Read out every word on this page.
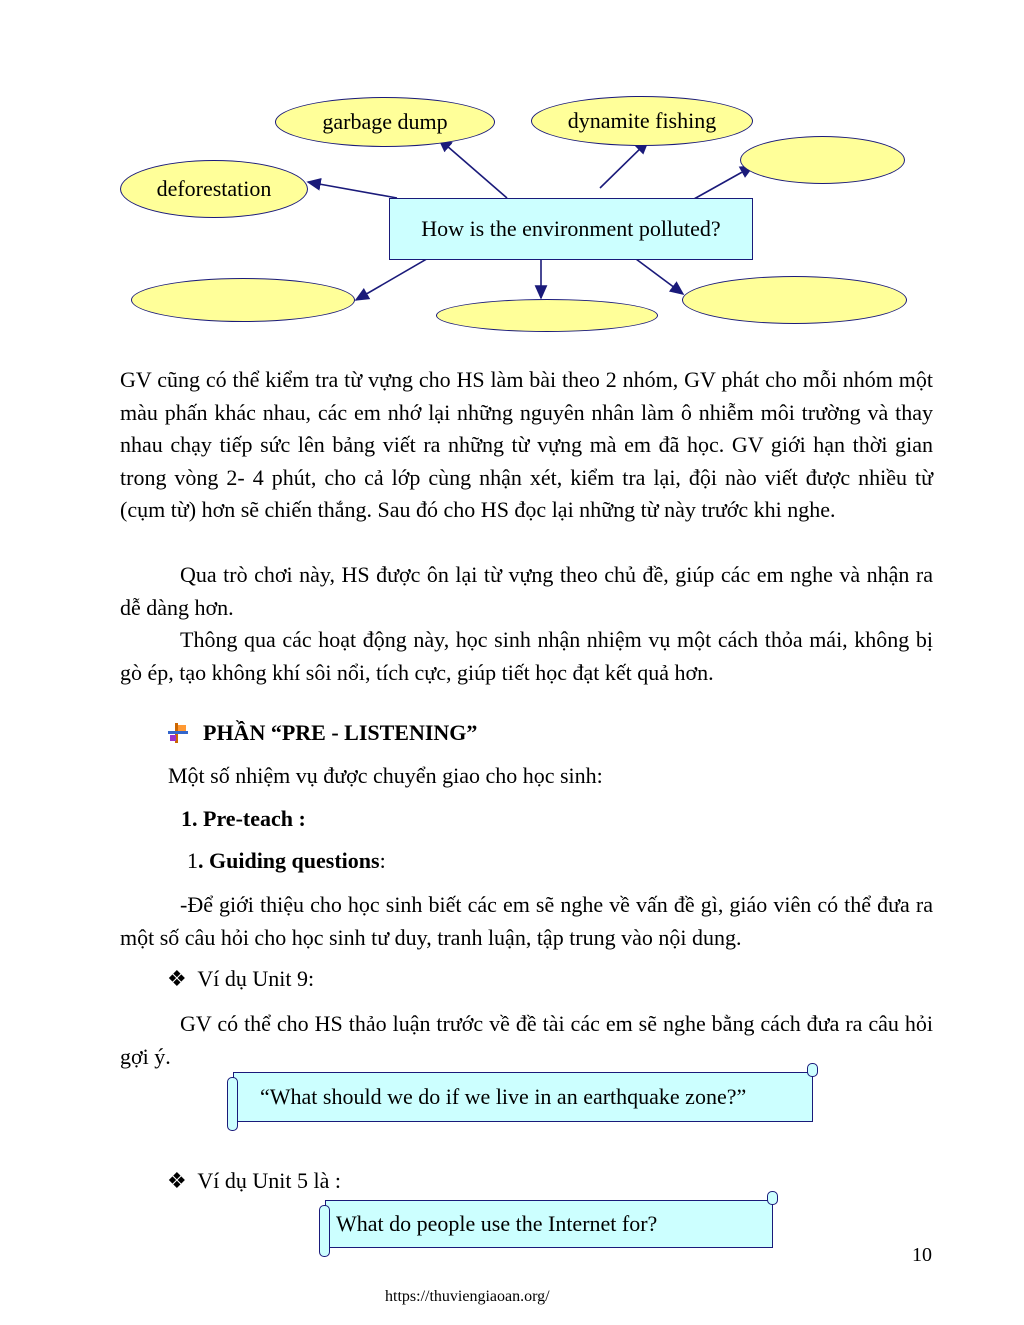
garbage dump	dynamite fishing
deforestation
How is the environment polluted?

GV cũng có thể kiểm tra từ vựng cho HS làm bài theo 2 nhóm, GV phát cho mỗi nhóm một màu phấn khác nhau, các em nhớ lại những nguyên nhân làm ô nhiễm môi trường và thay nhau chạy tiếp sức lên bảng viết ra những từ vựng mà em đã học. GV giới hạn thời gian trong vòng 2- 4 phút, cho cả lớp cùng nhận xét, kiểm tra lại, đội nào viết được nhiều từ (cụm từ) hơn sẽ chiến thắng. Sau đó cho HS đọc lại những từ này trước khi nghe.

Qua trò chơi này, HS được ôn lại từ vựng theo chủ đề, giúp các em nghe và nhận ra dễ dàng hơn.

Thông qua các hoạt động này, học sinh nhận nhiệm vụ một cách thỏa mái, không bị gò ép, tạo không khí sôi nổi, tích cực, giúp tiết học đạt kết quả hơn.

PHẦN “PRE - LISTENING”
Một số nhiệm vụ được chuyển giao cho học sinh:
1. Pre-teach :
1. Guiding questions:

-Để giới thiệu cho học sinh biết các em sẽ nghe về vấn đề gì, giáo viên có thể đưa ra một số câu hỏi cho học sinh tư duy, tranh luận, tập trung vào nội dung.

❖ Ví dụ Unit 9:

GV có thể cho HS thảo luận trước về đề tài các em sẽ nghe bằng cách đưa ra câu hỏi gợi ý.

“What should we do if we live in an earthquake zone?”
❖ Ví dụ Unit 5 là :
What do people use the Internet for?
10
https://thuviengiaoan.org/
